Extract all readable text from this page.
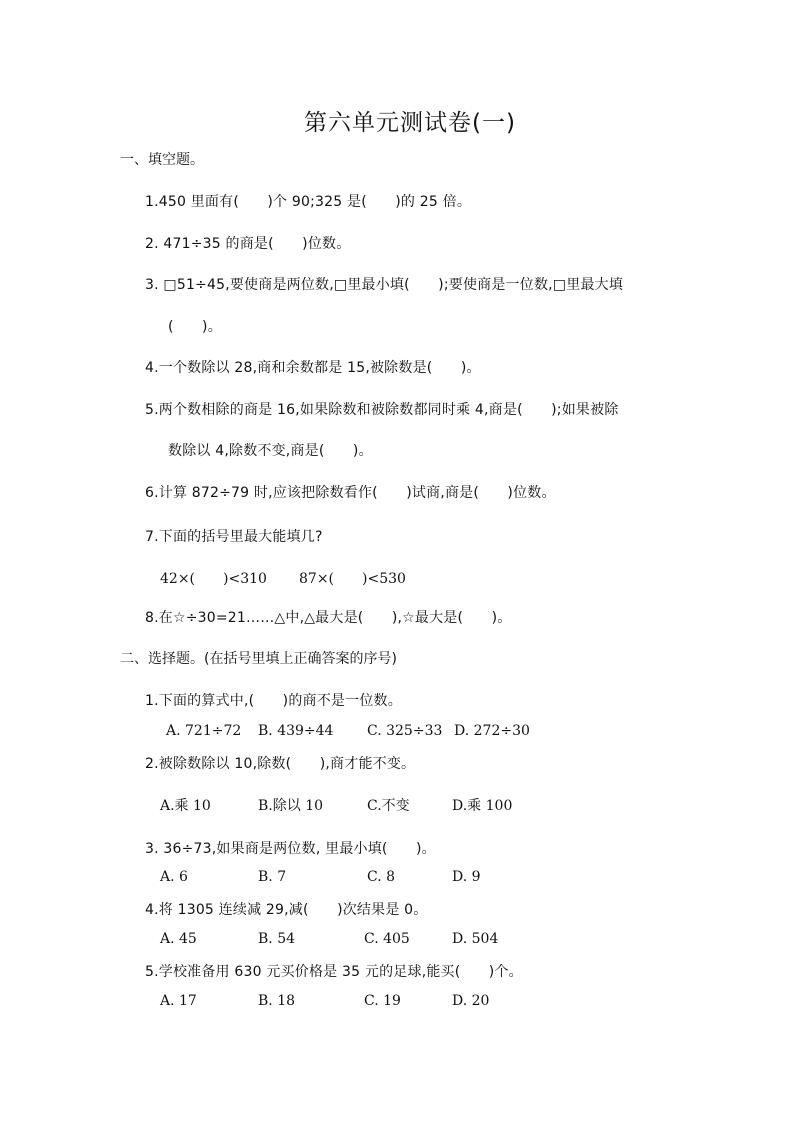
第六单元测试卷(一)
一、填空题。
1.450 里面有(　　)个 90;325 是(　　)的 25 倍。
2. 471÷35 的商是(　　)位数。
3. □51÷45,要使商是两位数,□里最小填(　　);要使商是一位数,□里最大填
(　　)。
4.一个数除以 28,商和余数都是 15,被除数是(　　)。
5.两个数相除的商是 16,如果除数和被除数都同时乘 4,商是(　　);如果被除
数除以 4,除数不变,商是(　　)。
6.计算 872÷79 时,应该把除数看作(　　)试商,商是(　　)位数。
7.下面的括号里最大能填几?
42×(　　)<310 87×(　　)<530
8.在☆÷30=21……△中,△最大是(　　),☆最大是(　　)。
二、选择题。(在括号里填上正确答案的序号)
1.下面的算式中,(　　)的商不是一位数。
A. 721÷72 B. 439÷44 C. 325÷33 D. 272÷30
2.被除数除以 10,除数(　　),商才能不变。
A.乘 10	B.除以 10	C.不变	D.乘 100
3. 36÷73,如果商是两位数, 里最小填(　　)。
A. 6	B. 7	C. 8	D. 9
4.将 1305 连续减 29,减(　　)次结果是 0。
A. 45	B. 54	C. 405	D. 504
5.学校准备用 630 元买价格是 35 元的足球,能买(　　)个。
A. 17	B. 18	C. 19	D. 20
